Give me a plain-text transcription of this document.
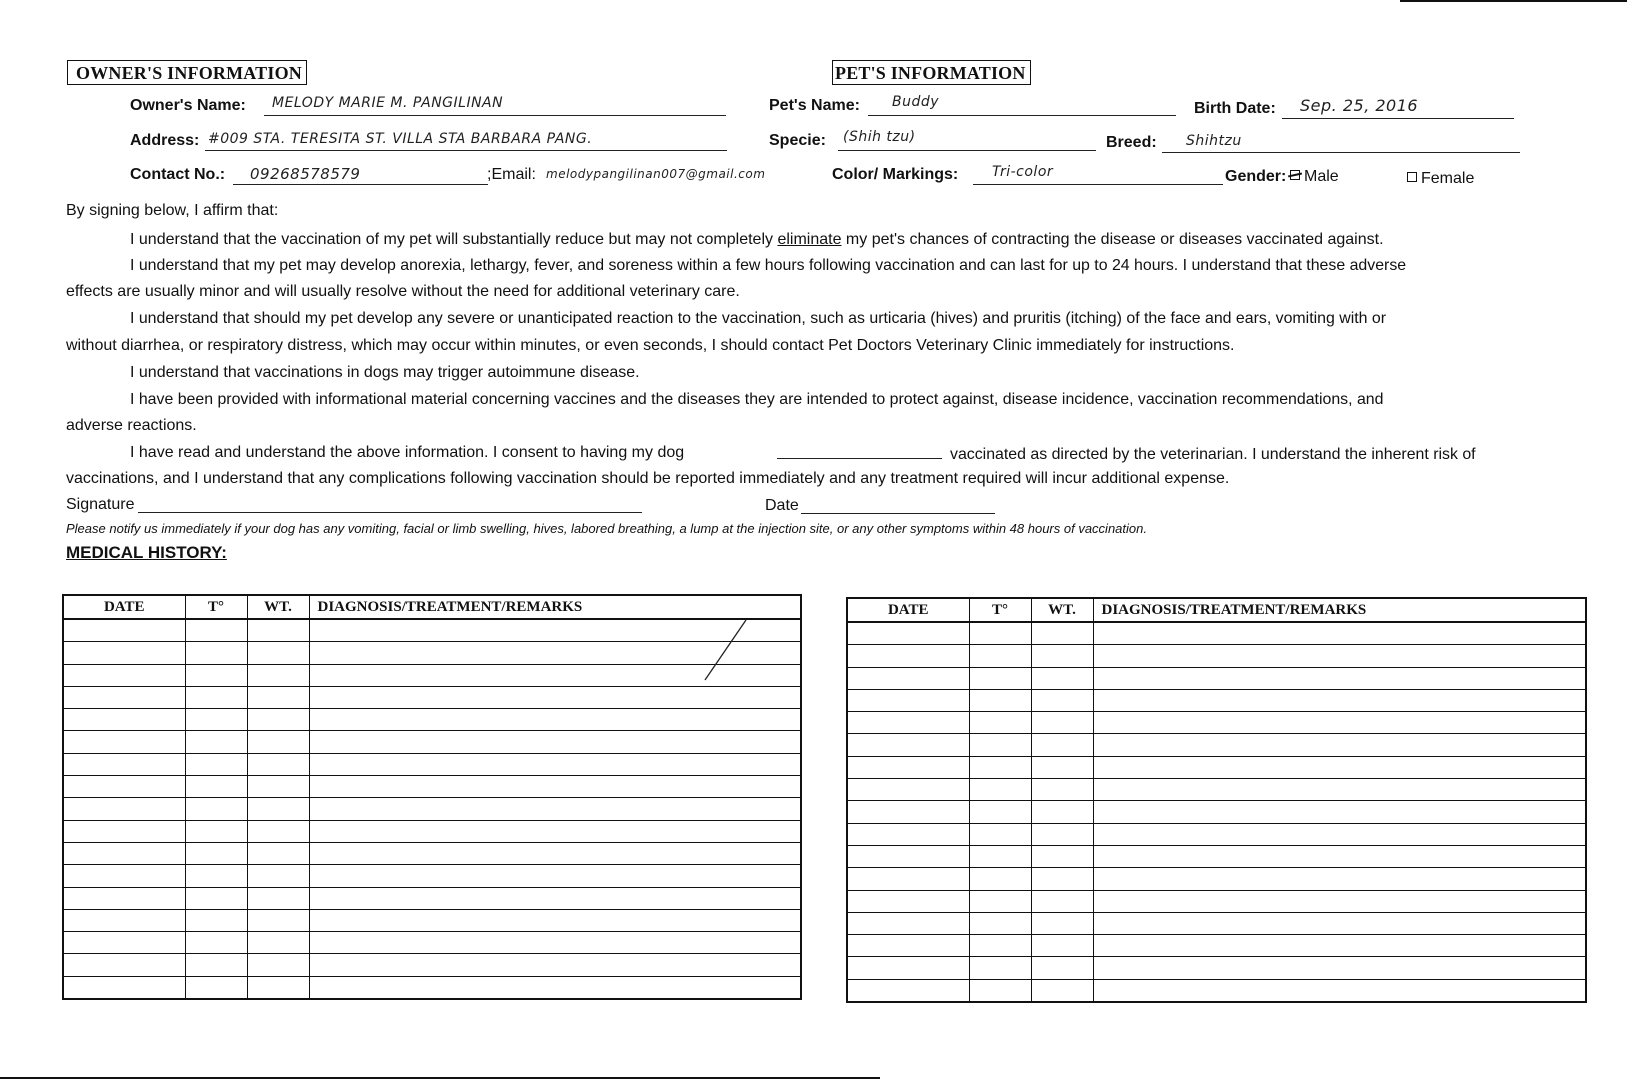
OWNER'S INFORMATION
Owner's Name: MELODY MARIE M. PANGILINAN
Address: #009 STA. TERESITA ST. VILLA STA BARBARA PANG.
Contact No.: 09268578579	;Email: melodypangilinan007@gmail.com
PET'S INFORMATION
Pet's Name: Buddy	Birth Date: Sep. 25, 2016
Specie: (Shih tzu)	Breed: Shihtzu
Color/ Markings: Tri-color	Gender:	Male	Female
By signing below, I affirm that:
I understand that the vaccination of my pet will substantially reduce but may not completely eliminate my pet's chances of contracting the disease or diseases vaccinated against.
I understand that my pet may develop anorexia, lethargy, fever, and soreness within a few hours following vaccination and can last for up to 24 hours. I understand that these adverse
effects are usually minor and will usually resolve without the need for additional veterinary care.
I understand that should my pet develop any severe or unanticipated reaction to the vaccination, such as urticaria (hives) and pruritis (itching) of the face and ears, vomiting with or
without diarrhea, or respiratory distress, which may occur within minutes, or even seconds, I should contact Pet Doctors Veterinary Clinic immediately for instructions.
I understand that vaccinations in dogs may trigger autoimmune disease.
I have been provided with informational material concerning vaccines and the diseases they are intended to protect against, disease incidence, vaccination recommendations, and
adverse reactions.
I have read and understand the above information. I consent to having my dog	vaccinated as directed by the veterinarian. I understand the inherent risk of
vaccinations, and I understand that any complications following vaccination should be reported immediately and any treatment required will incur additional expense.
Signature	Date
Please notify us immediately if your dog has any vomiting, facial or limb swelling, hives, labored breathing, a lump at the injection site, or any other symptoms within 48 hours of vaccination.
MEDICAL HISTORY:
DATE	T°	WT.	DIAGNOSIS/TREATMENT/REMARKS

				DATE	T°	WT.	DIAGNOSIS/TREATMENT/REMARKS
